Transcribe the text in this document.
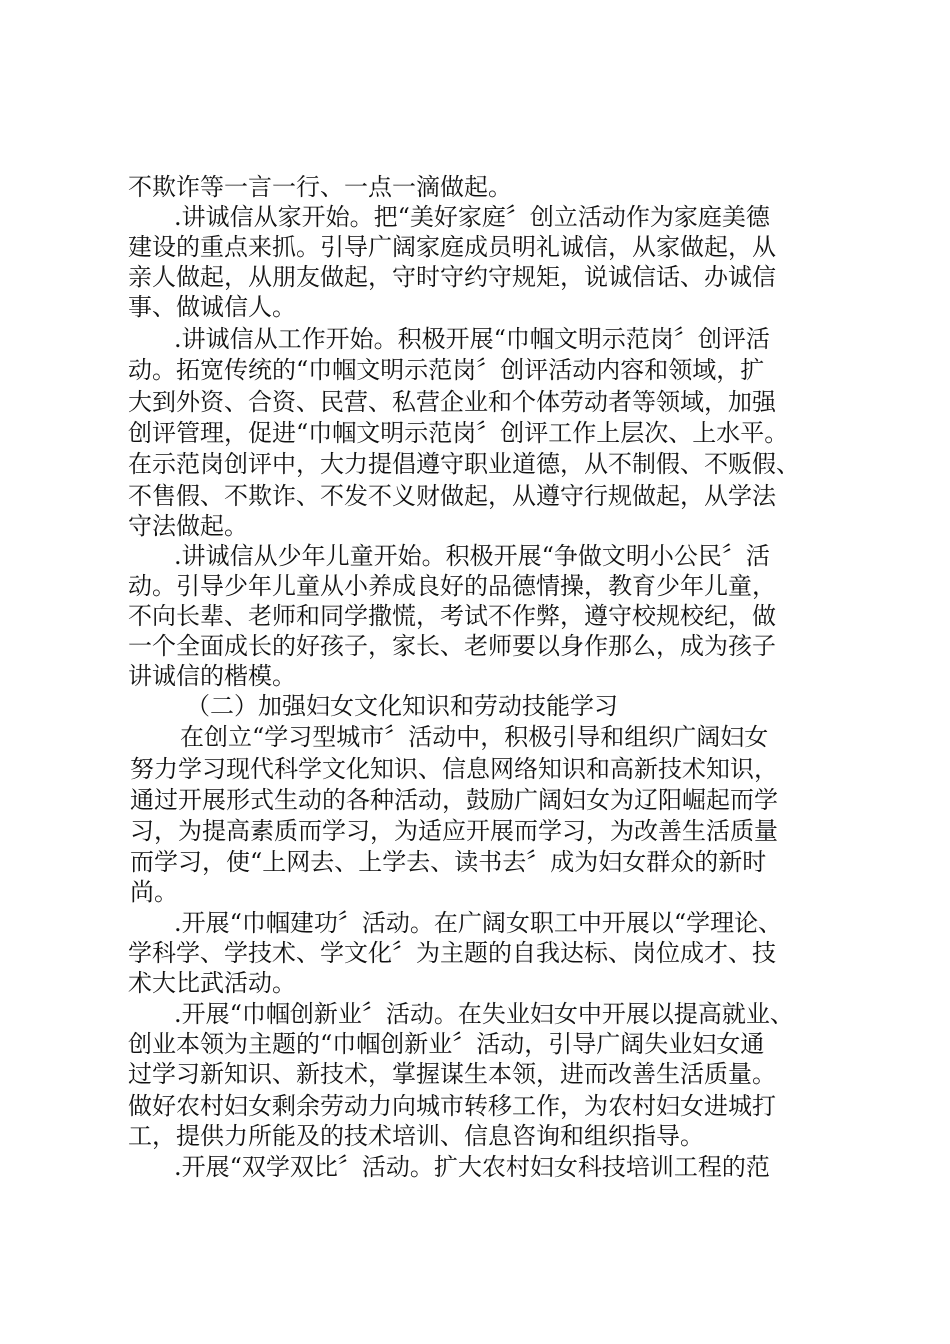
不欺诈等一言一行、一点一滴做起。
.讲诚信从家开始。把“美好家庭〞创立活动作为家庭美德
建设的重点来抓。引导广阔家庭成员明礼诚信，从家做起，从
亲人做起，从朋友做起，守时守约守规矩，说诚信话、办诚信
事、做诚信人。
.讲诚信从工作开始。积极开展“巾帼文明示范岗〞创评活
动。拓宽传统的“巾帼文明示范岗〞创评活动内容和领域，扩
大到外资、合资、民营、私营企业和个体劳动者等领域，加强
创评管理，促进“巾帼文明示范岗〞创评工作上层次、上水平。
在示范岗创评中，大力提倡遵守职业道德，从不制假、不贩假、
不售假、不欺诈、不发不义财做起，从遵守行规做起，从学法
守法做起。
.讲诚信从少年儿童开始。积极开展“争做文明小公民〞活
动。引导少年儿童从小养成良好的品德情操，教育少年儿童，
不向长辈、老师和同学撒慌，考试不作弊，遵守校规校纪，做
一个全面成长的好孩子，家长、老师要以身作那么，成为孩子
讲诚信的楷模。
（二）加强妇女文化知识和劳动技能学习
在创立“学习型城市〞活动中，积极引导和组织广阔妇女
努力学习现代科学文化知识、信息网络知识和高新技术知识，
通过开展形式生动的各种活动，鼓励广阔妇女为辽阳崛起而学
习，为提高素质而学习，为适应开展而学习，为改善生活质量
而学习，使“上网去、上学去、读书去〞成为妇女群众的新时
尚。
.开展“巾帼建功〞活动。在广阔女职工中开展以“学理论、
学科学、学技术、学文化〞为主题的自我达标、岗位成才、技
术大比武活动。
.开展“巾帼创新业〞活动。在失业妇女中开展以提高就业、
创业本领为主题的“巾帼创新业〞活动，引导广阔失业妇女通
过学习新知识、新技术，掌握谋生本领，进而改善生活质量。
做好农村妇女剩余劳动力向城市转移工作，为农村妇女进城打
工，提供力所能及的技术培训、信息咨询和组织指导。
.开展“双学双比〞活动。扩大农村妇女科技培训工程的范
